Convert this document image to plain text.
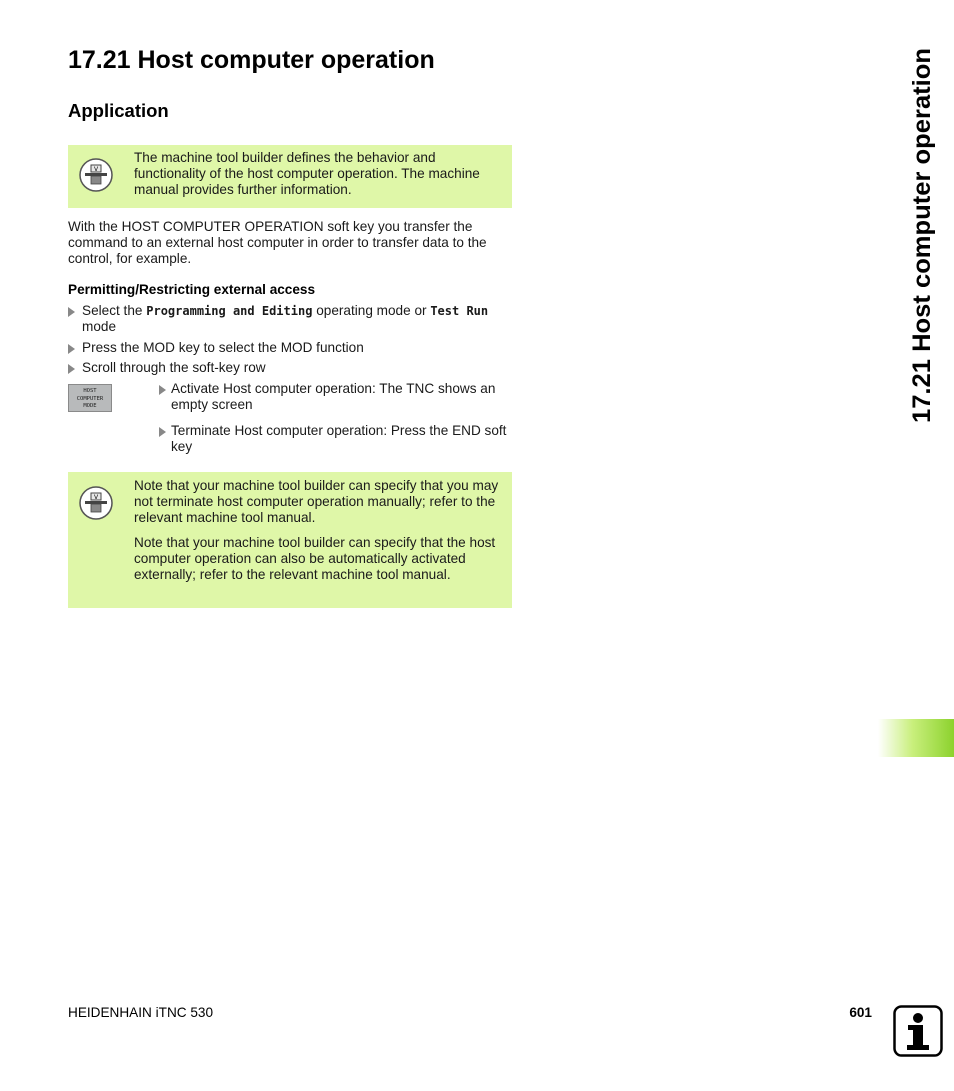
17.21 Host computer operation
Application
V

The machine tool builder defines the behavior and functionality of the host computer operation. The machine manual provides further information.

With the HOST COMPUTER OPERATION soft key you transfer the command to an external host computer in order to transfer data to the control, for example.
Permitting/Restricting external access
Select the Programming and Editing operating mode or Test Run
mode
Press the MOD key to select the MOD function
Scroll through the soft-key row
HOST
COMPUTER
MODE
Activate Host computer operation: The TNC shows an empty screen
Terminate Host computer operation: Press the END soft key
V

Note that your machine tool builder can specify that you may not terminate host computer operation manually; refer to the relevant machine tool manual.

Note that your machine tool builder can specify that the host computer operation can also be automatically activated externally; refer to the relevant machine tool manual.

17.21 Host computer operation
HEIDENHAIN iTNC 530	601
